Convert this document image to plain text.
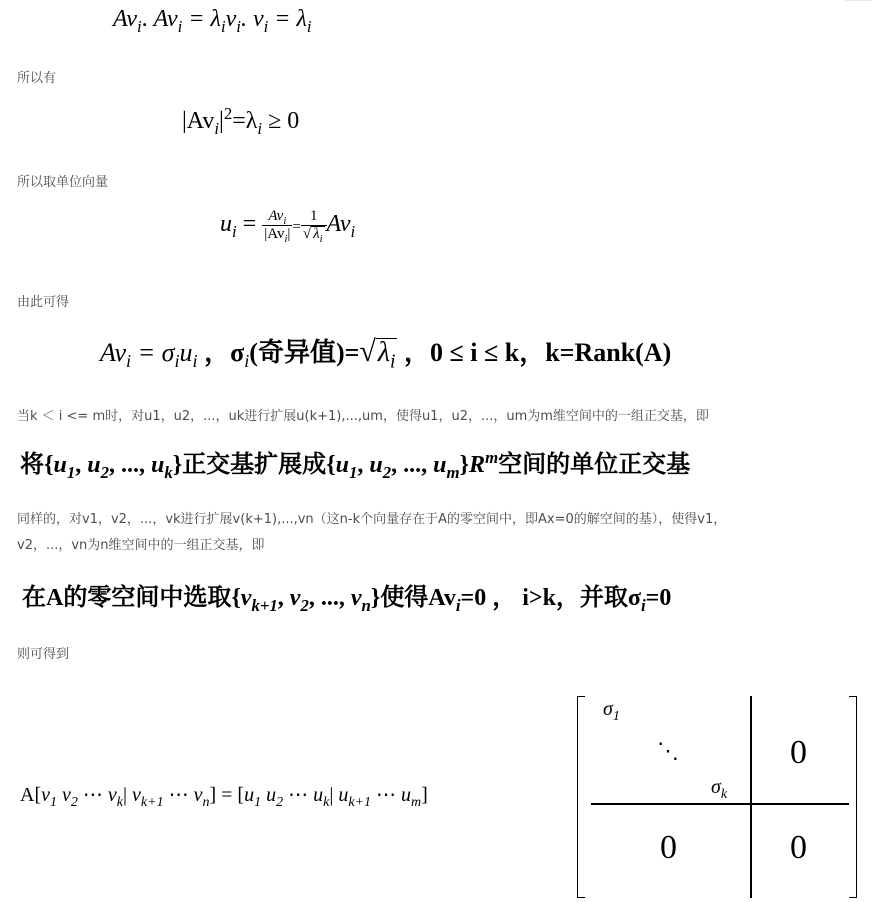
$Av_i$. $Av_i = \lambda_iv_i$. $v_i = \lambda_i$
所以有
$|Av_i|^2=\lambda_i \ge 0$
所以取单位向量
$u_i = \frac{Av_i}{|Av_i|} = \frac{1}{√ \lambda_i} Av_i$
由此可得
$Av_i = \sigma_iu_i$ ，$\sigma_i$(奇异值)$=√\lambda_i$ ，0 ≤ i ≤ k，k=Rank(A)
当k ＜ i <= m时，对u1，u2，...，uk进行扩展u(k+1),...,um，使得u1，u2，...，um为m维空间中的一组正交基，即
将{$u_1$, $u_2$, ..., $u_k$}正交基扩展成{$u_1$, $u_2$, ..., $u_m\}R^m$空间的单位正交基
同样的，对v1，v2，...，vk进行扩展v(k+1),...,vn（这n-k个向量存在于A的零空间中，即Ax=0的解空间的基），使得v1，
v2，...，vn为n维空间中的一组正交基，即
在A的零空间中选取{$v_{k+1}$, $v_2$, ..., $v_n$}使得$Av_i=0$ ， i>k，并取$\sigma_i=0$
则可得到
$A[v_1$ $v_2$ ⋯ $v_k|$ $v_{k+1}$ ⋯ $v_n] = [u_1$ $u_2$ ⋯ $u_k|$ $u_{k+1}$ ⋯ $u_m$]
$\sigma_1$
⋱
$\sigma_k$
0
0	0
